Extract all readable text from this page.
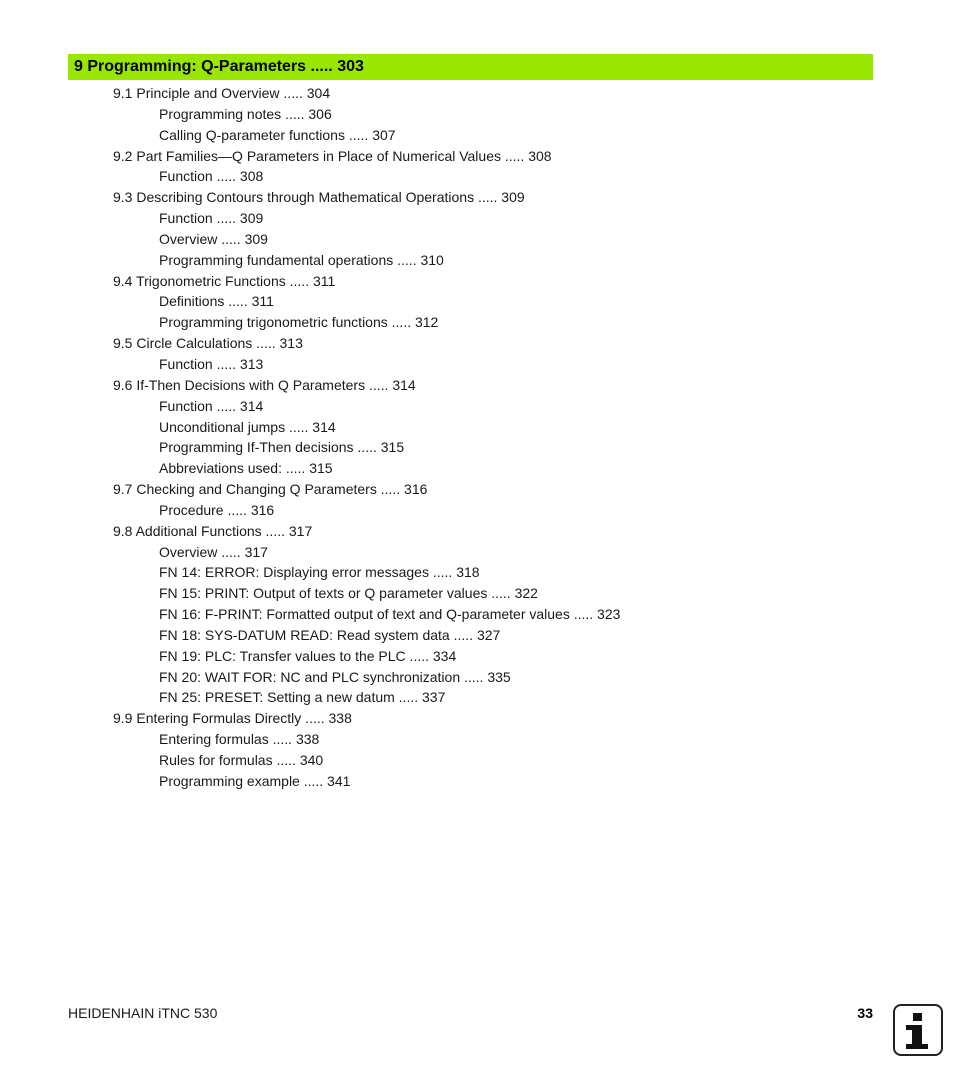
9 Programming: Q-Parameters ..... 303
9.1 Principle and Overview ..... 304
Programming notes ..... 306
Calling Q-parameter functions ..... 307
9.2 Part Families—Q Parameters in Place of Numerical Values ..... 308
Function ..... 308
9.3 Describing Contours through Mathematical Operations ..... 309
Function ..... 309
Overview ..... 309
Programming fundamental operations ..... 310
9.4 Trigonometric Functions ..... 311
Definitions ..... 311
Programming trigonometric functions ..... 312
9.5 Circle Calculations ..... 313
Function ..... 313
9.6 If-Then Decisions with Q Parameters ..... 314
Function ..... 314
Unconditional jumps ..... 314
Programming If-Then decisions ..... 315
Abbreviations used: ..... 315
9.7 Checking and Changing Q Parameters ..... 316
Procedure ..... 316
9.8 Additional Functions ..... 317
Overview ..... 317
FN 14: ERROR: Displaying error messages ..... 318
FN 15: PRINT: Output of texts or Q parameter values ..... 322
FN 16: F-PRINT: Formatted output of text and Q-parameter values ..... 323
FN 18: SYS-DATUM READ: Read system data ..... 327
FN 19: PLC: Transfer values to the PLC ..... 334
FN 20: WAIT FOR: NC and PLC synchronization ..... 335
FN 25: PRESET: Setting a new datum ..... 337
9.9 Entering Formulas Directly ..... 338
Entering formulas ..... 338
Rules for formulas ..... 340
Programming example ..... 341
HEIDENHAIN iTNC 530	33
